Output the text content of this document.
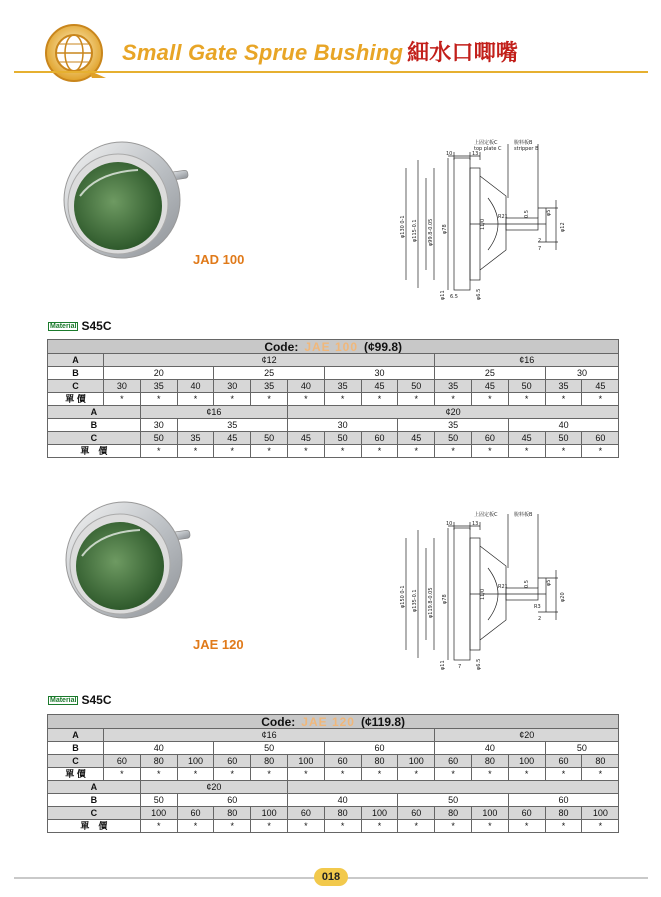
Small Gate Sprue Bushing 細水口唧嘴
JAD 100
上固定板C
top plate C
脫料板B
stripper B
10	13
φ130 0-1 φ115-0.1 φ99.8-0.05 φ78
R21
11/0
0.5	φ5
φ12
2
7
φ11 6.5	φ6.5
Material S45C
Code: JAE 100 (¢99.8)														
A	¢12									¢16				
B	20			25			30			25			30	
C	30	35	40	30	35	40	35	45	50	35	45	50	35	45
單 價	*	*	*	*	*	*	*	*	*	*	*	*	*	*
A		¢16				¢20								
B		30	35			30			35			40		
C		50	35	45	50	45	50	60	45	50	60	45	50	60
單　價		*	*	*	*	*	*	*	*	*	*	*	*	*
JAE 120
上固定板C	脫料板B
10	13
φ150 0-1 φ135-0.1 φ119.8-0.05 φ78
R21
11/0
0.5	φ5
R3
φ20
2
7
φ11	φ6.5
Material S45C
Code: JAE 120 (¢119.8)														
A	¢16									¢20				
B	40			50			60			40			50	
C	60	80	100	60	80	100	60	80	100	60	80	100	60	80
單 價	*	*	*	*	*	*	*	*	*	*	*	*	*	*
A		¢20												
B		50	60			40			50			60		
C		100	60	80	100	60	80	100	60	80	100	60	80	100
單　價		*	*	*	*	*	*	*	*	*	*	*	*	*
018
